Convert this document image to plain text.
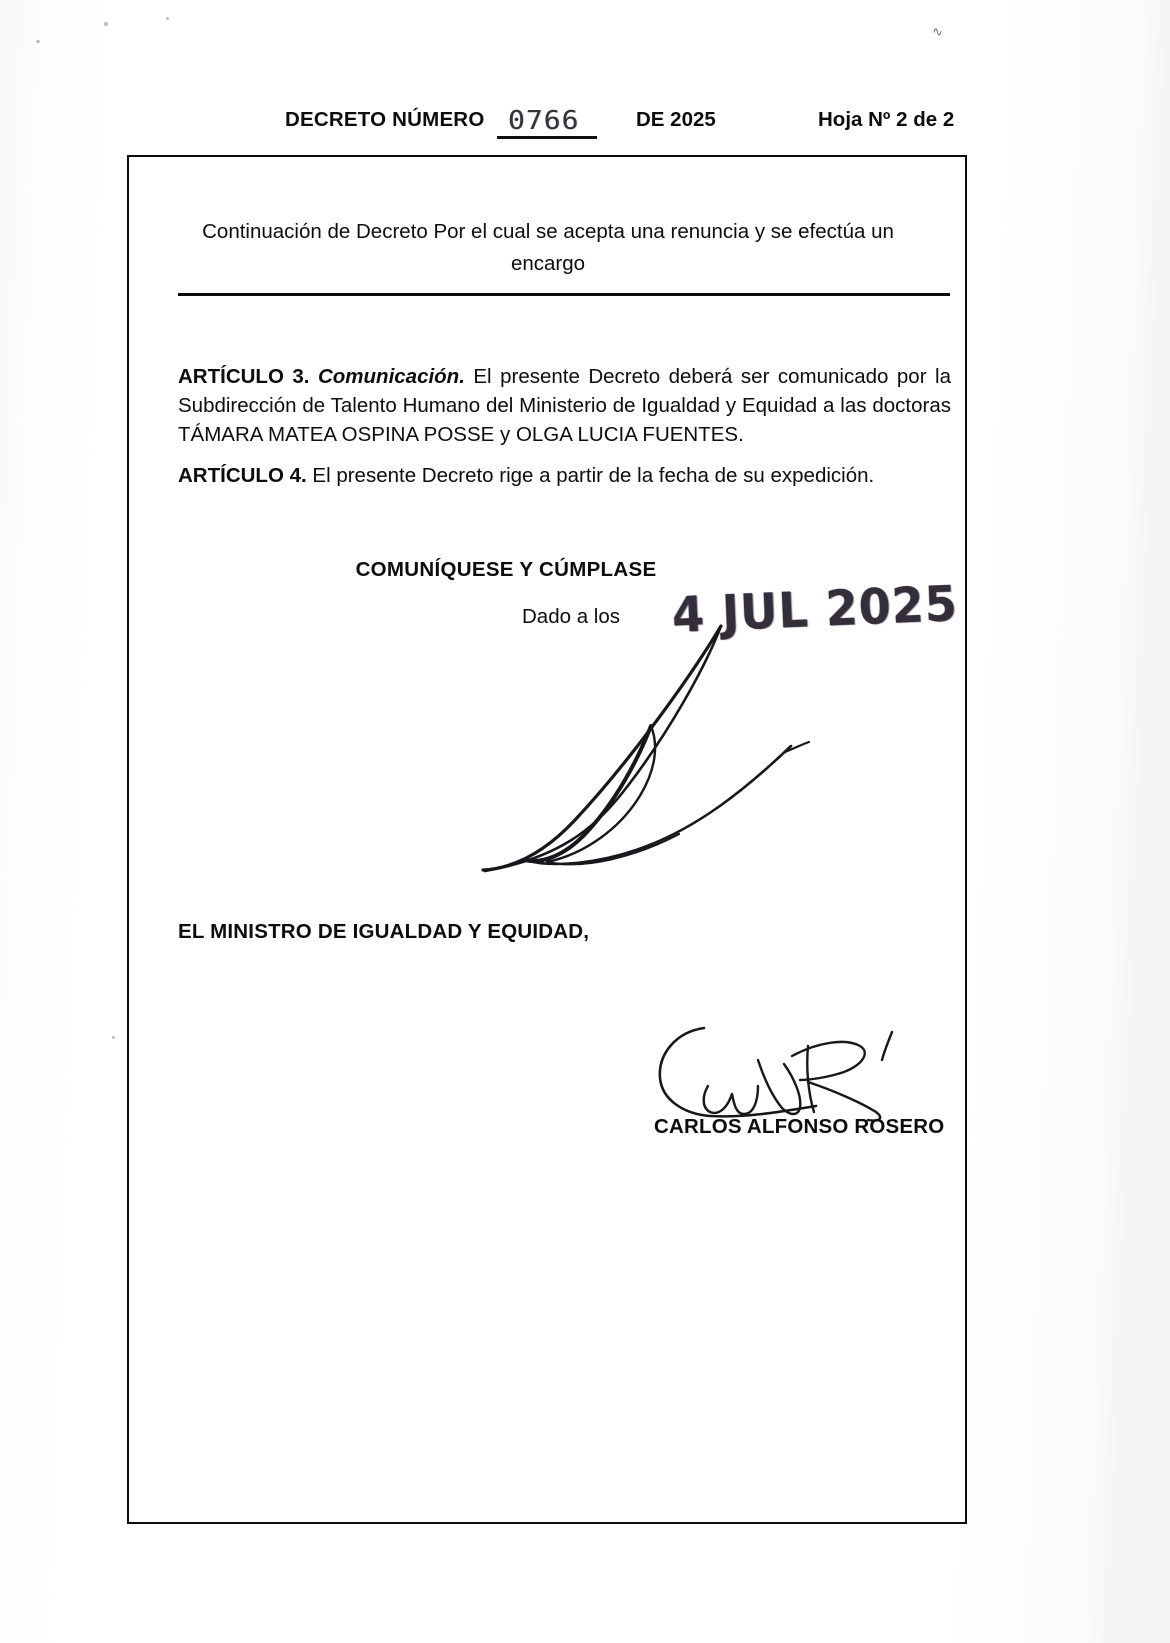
∿
DECRETO NÚMERO 0766	DE 2025	Hoja Nº 2 de 2
Continuación de Decreto Por el cual se acepta una renuncia y se efectúa un encargo

ARTÍCULO 3. Comunicación. El presente Decreto deberá ser comunicado por la Subdirección de Talento Humano del Ministerio de Igualdad y Equidad a las doctoras TÁMARA MATEA OSPINA POSSE y OLGA LUCIA FUENTES.

ARTÍCULO 4. El presente Decreto rige a partir de la fecha de su expedición.

COMUNÍQUESE Y CÚMPLASE
Dado a los 4 JUL 2025
EL MINISTRO DE IGUALDAD Y EQUIDAD,
CARLOS ALFONSO ROSERO
